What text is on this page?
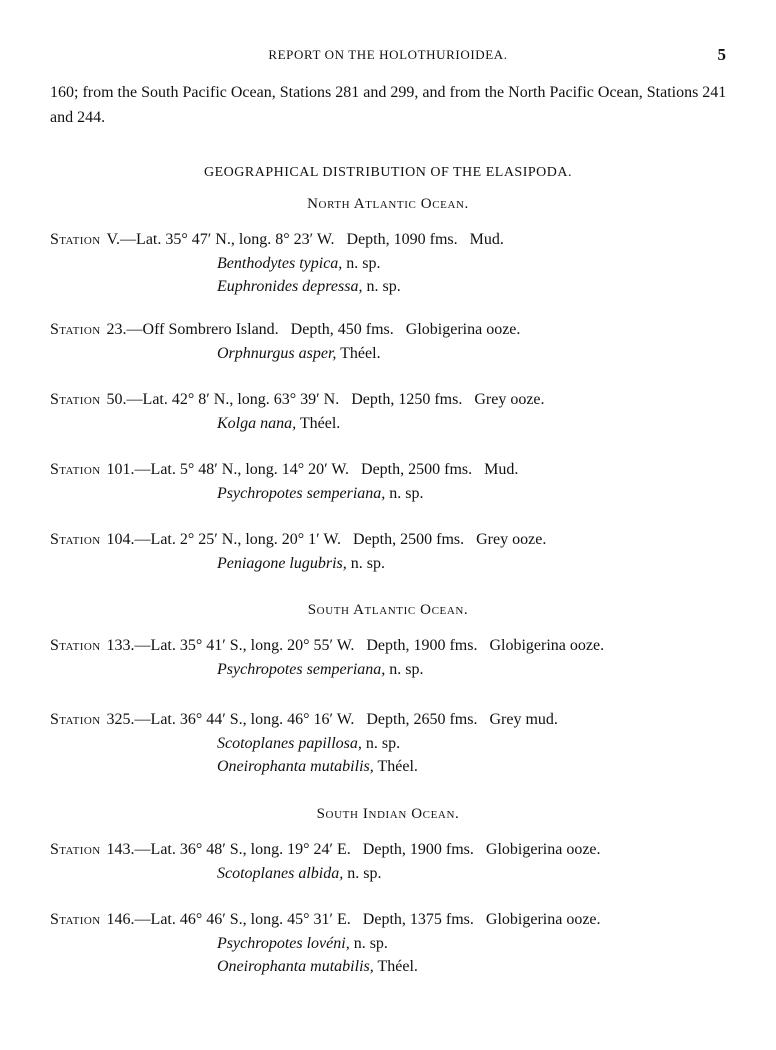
REPORT ON THE HOLOTHURIOIDEA.	5
160; from the South Pacific Ocean, Stations 281 and 299, and from the North Pacific Ocean, Stations 241 and 244.
GEOGRAPHICAL DISTRIBUTION OF THE ELASIPODA.
North Atlantic Ocean.
Station V.—Lat. 35° 47′ N., long. 8° 23′ W. Depth, 1090 fms. Mud.
Benthodytes typica, n. sp.
Euphronides depressa, n. sp.
Station 23.—Off Sombrero Island. Depth, 450 fms. Globigerina ooze.
Orphnurgus asper, Théel.
Station 50.—Lat. 42° 8′ N., long. 63° 39′ N. Depth, 1250 fms. Grey ooze.
Kolga nana, Théel.
Station 101.—Lat. 5° 48′ N., long. 14° 20′ W. Depth, 2500 fms. Mud.
Psychropotes semperiana, n. sp.
Station 104.—Lat. 2° 25′ N., long. 20° 1′ W. Depth, 2500 fms. Grey ooze.
Peniagone lugubris, n. sp.
South Atlantic Ocean.
Station 133.—Lat. 35° 41′ S., long. 20° 55′ W. Depth, 1900 fms. Globigerina ooze.
Psychropotes semperiana, n. sp.
Station 325.—Lat. 36° 44′ S., long. 46° 16′ W. Depth, 2650 fms. Grey mud.
Scotoplanes papillosa, n. sp.
Oneirophanta mutabilis, Théel.
South Indian Ocean.
Station 143.—Lat. 36° 48′ S., long. 19° 24′ E. Depth, 1900 fms. Globigerina ooze.
Scotoplanes albida, n. sp.
Station 146.—Lat. 46° 46′ S., long. 45° 31′ E. Depth, 1375 fms. Globigerina ooze.
Psychropotes lovéni, n. sp.
Oneirophanta mutabilis, Théel.
